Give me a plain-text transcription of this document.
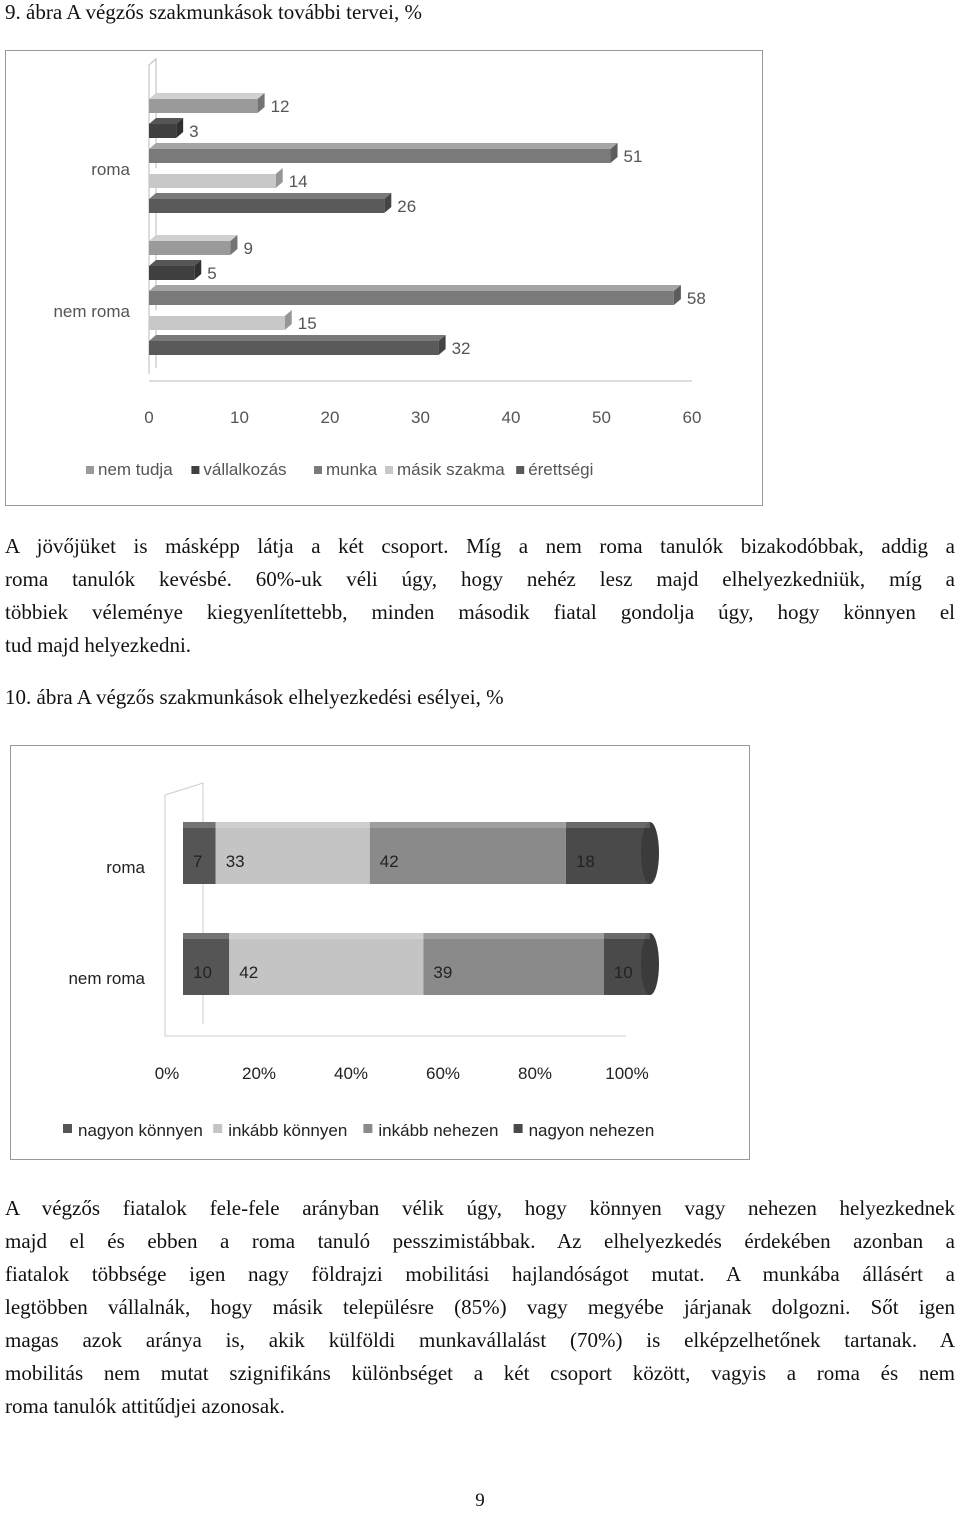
9. ábra A végzős szakmunkások további tervei, %
roma
12
3
51
14
26
nem roma
9
5
58
15
32
0	10	20	30	40	50	60
nem tudja vállalkozás munka másik szakma érettségi
A jövőjüket is másképp látja a két csoport. Míg a nem roma tanulók bizakodóbbak, addig a
roma tanulók kevésbé. 60%-uk véli úgy, hogy nehéz lesz majd elhelyezkedniük, míg a
többiek véleménye kiegyenlítettebb, minden második fiatal gondolja úgy, hogy könnyen el
tud majd helyezkedni.
10. ábra A végzős szakmunkások elhelyezkedési esélyei, %
roma	7 33	42	18
nem roma	10 42	39	10
0%	20%	40%	60%	80%	100%
nagyon könnyen inkább könnyen inkább nehezen nagyon nehezen
A végzős fiatalok fele-fele arányban vélik úgy, hogy könnyen vagy nehezen helyezkednek
majd el és ebben a roma tanuló pesszimistábbak. Az elhelyezkedés érdekében azonban a
fiatalok többsége igen nagy földrajzi mobilitási hajlandóságot mutat. A munkába állásért a
legtöbben vállalnák, hogy másik településre (85%) vagy megyébe járjanak dolgozni. Sőt igen
magas azok aránya is, akik külföldi munkavállalást (70%) is elképzelhetőnek tartanak. A
mobilitás nem mutat szignifikáns különbséget a két csoport között, vagyis a roma és nem
roma tanulók attitűdjei azonosak.
9
